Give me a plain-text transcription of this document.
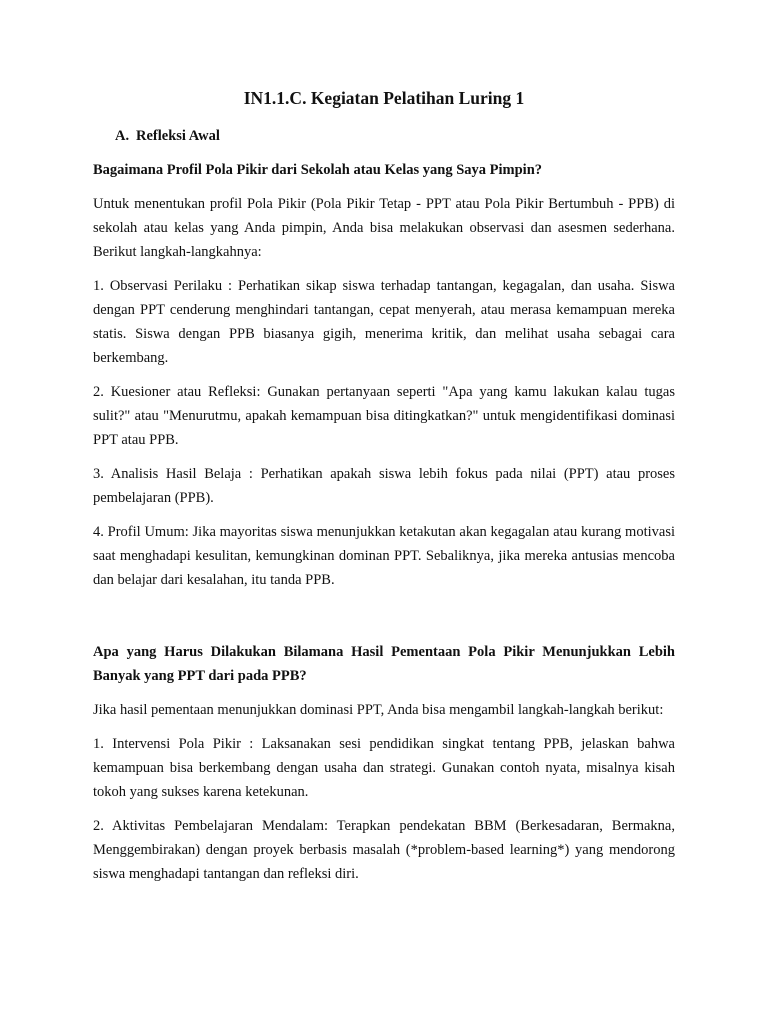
IN1.1.C. Kegiatan Pelatihan Luring 1
A. Refleksi Awal
Bagaimana Profil Pola Pikir dari Sekolah atau Kelas yang Saya Pimpin?

Untuk menentukan profil Pola Pikir (Pola Pikir Tetap - PPT atau Pola Pikir Bertumbuh - PPB) di sekolah atau kelas yang Anda pimpin, Anda bisa melakukan observasi dan asesmen sederhana. Berikut langkah-langkahnya:

1. Observasi Perilaku : Perhatikan sikap siswa terhadap tantangan, kegagalan, dan usaha. Siswa dengan PPT cenderung menghindari tantangan, cepat menyerah, atau merasa kemampuan mereka statis. Siswa dengan PPB biasanya gigih, menerima kritik, dan melihat usaha sebagai cara berkembang.

2. Kuesioner atau Refleksi: Gunakan pertanyaan seperti "Apa yang kamu lakukan kalau tugas sulit?" atau "Menurutmu, apakah kemampuan bisa ditingkatkan?" untuk mengidentifikasi dominasi PPT atau PPB.

3. Analisis Hasil Belaja : Perhatikan apakah siswa lebih fokus pada nilai (PPT) atau proses pembelajaran (PPB).

4. Profil Umum: Jika mayoritas siswa menunjukkan ketakutan akan kegagalan atau kurang motivasi saat menghadapi kesulitan, kemungkinan dominan PPT. Sebaliknya, jika mereka antusias mencoba dan belajar dari kesalahan, itu tanda PPB.

Apa yang Harus Dilakukan Bilamana Hasil Pementaan Pola Pikir Menunjukkan Lebih Banyak yang PPT dari pada PPB?

Jika hasil pementaan menunjukkan dominasi PPT, Anda bisa mengambil langkah-langkah berikut:

1. Intervensi Pola Pikir : Laksanakan sesi pendidikan singkat tentang PPB, jelaskan bahwa kemampuan bisa berkembang dengan usaha dan strategi. Gunakan contoh nyata, misalnya kisah tokoh yang sukses karena ketekunan.

2. Aktivitas Pembelajaran Mendalam: Terapkan pendekatan BBM (Berkesadaran, Bermakna, Menggembirakan) dengan proyek berbasis masalah (*problem-based learning*) yang mendorong siswa menghadapi tantangan dan refleksi diri.
